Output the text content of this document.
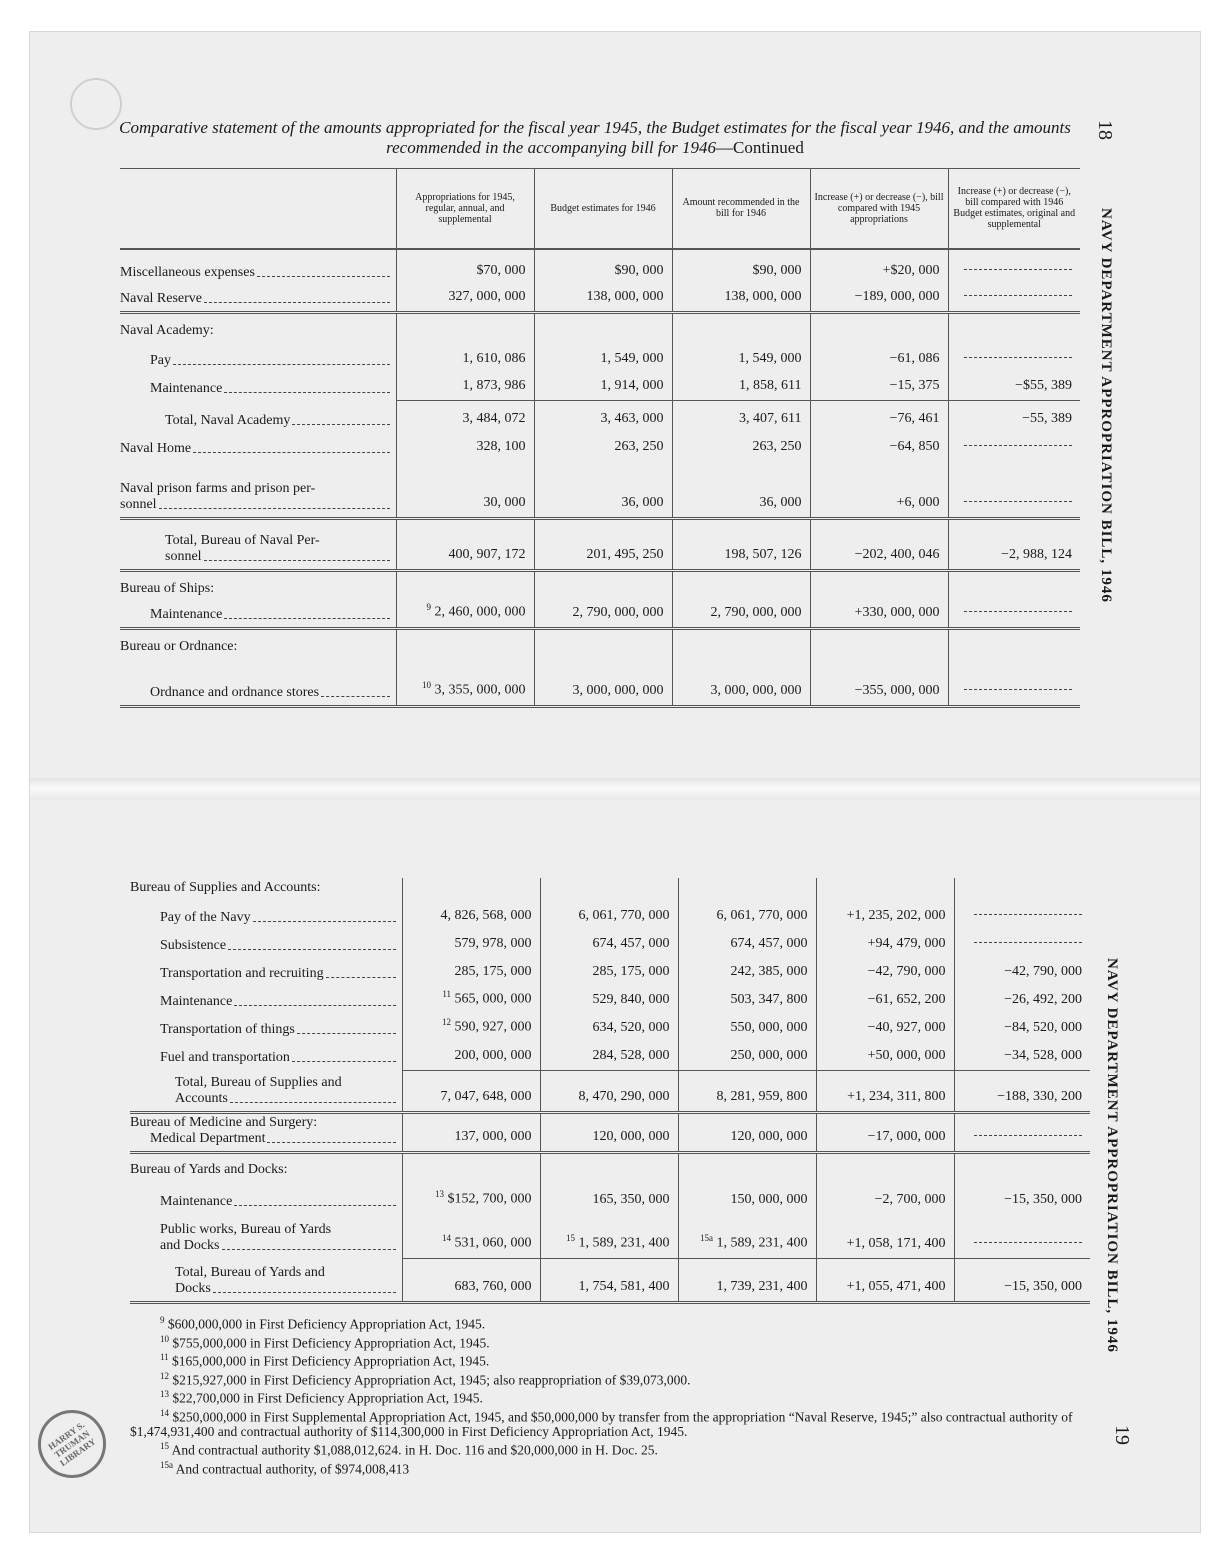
Comparative statement of the amounts appropriated for the fiscal year 1945, the Budget estimates for the fiscal year 1946, and the amounts recommended in the accompanying bill for 1946—Continued
18
19
NAVY DEPARTMENT APPROPRIATION BILL, 1946
NAVY DEPARTMENT APPROPRIATION BILL, 1946
	Appropriations for 1945, regular, annual, and supplemental	Budget estimates for 1946	Amount recommended in the bill for 1946	Increase (+) or decrease (−), bill compared with 1945 appropriations	Increase (+) or decrease (−), bill compared with 1946 Budget estimates, original and supplemental

Miscellaneous expenses	$70, 000	$90, 000	$90, 000	+$20, 000	

Naval Reserve	327, 000, 000	138, 000, 000	138, 000, 000	−189, 000, 000	
Naval Academy:					

Pay	1, 610, 086	1, 549, 000	1, 549, 000	−61, 086	

Maintenance	1, 873, 986	1, 914, 000	1, 858, 611	−15, 375	−$55, 389

Total, Naval Academy	3, 484, 072	3, 463, 000	3, 407, 611	−76, 461	−55, 389

Naval Home	328, 100	263, 250	263, 250	−64, 850	

Naval prison farms and prison per-
sonnel	30, 000	36, 000	36, 000	+6, 000	

Total, Bureau of Naval Per-
sonnel	400, 907, 172	201, 495, 250	198, 507, 126	−202, 400, 046	−2, 988, 124
Bureau of Ships:					

Maintenance	$^9$ 2, 460, 000, 000	2, 790, 000, 000	2, 790, 000, 000	+330, 000, 000	
Bureau or Ordnance:					

Ordnance and ordnance stores	$^{10}$ 3, 355, 000, 000	3, 000, 000, 000	3, 000, 000, 000	−355, 000, 000	
Bureau of Supplies and Accounts:					

Pay of the Navy	4, 826, 568, 000	6, 061, 770, 000	6, 061, 770, 000	+1, 235, 202, 000	

Subsistence	579, 978, 000	674, 457, 000	674, 457, 000	+94, 479, 000	

Transportation and recruiting	285, 175, 000	285, 175, 000	242, 385, 000	−42, 790, 000	−42, 790, 000

Maintenance	$^{11}$ 565, 000, 000	529, 840, 000	503, 347, 800	−61, 652, 200	−26, 492, 200

Transportation of things	$^{12}$ 590, 927, 000	634, 520, 000	550, 000, 000	−40, 927, 000	−84, 520, 000

Fuel and transportation	200, 000, 000	284, 528, 000	250, 000, 000	+50, 000, 000	−34, 528, 000

Total, Bureau of Supplies and
Accounts	7, 047, 648, 000	8, 470, 290, 000	8, 281, 959, 800	+1, 234, 311, 800	−188, 330, 200

Bureau of Medicine and Surgery:
Medical Department	137, 000, 000	120, 000, 000	120, 000, 000	−17, 000, 000	
Bureau of Yards and Docks:					

Maintenance	$^{13}$ $152, 700, 000	165, 350, 000	150, 000, 000	−2, 700, 000	−15, 350, 000

Public works, Bureau of Yards
and Docks	$^{14}$ 531, 060, 000	$^{15}$ 1, 589, 231, 400	$^{15a}$ 1, 589, 231, 400	+1, 058, 171, 400	

Total, Bureau of Yards and
Docks	683, 760, 000	1, 754, 581, 400	1, 739, 231, 400	+1, 055, 471, 400	−15, 350, 000
$^9$ $600,000,000 in First Deficiency Appropriation Act, 1945.
$^{10}$ $755,000,000 in First Deficiency Appropriation Act, 1945.
$^{11}$ $165,000,000 in First Deficiency Appropriation Act, 1945.
$^{12}$ $215,927,000 in First Deficiency Appropriation Act, 1945; also reappropriation of $39,073,000.
$^{13}$ $22,700,000 in First Deficiency Appropriation Act, 1945.
$^{14}$ $250,000,000 in First Supplemental Appropriation Act, 1945, and $50,000,000 by transfer from the appropriation “Naval Reserve, 1945;” also contractual authority of $1,474,931,400 and contractual authority of $114,300,000 in First Deficiency Appropriation Act, 1945.
$^{15}$ And contractual authority $1,088,012,624. in H. Doc. 116 and $20,000,000 in H. Doc. 25.
$^{15a}$ And contractual authority, of $974,008,413
HARRY S. TRUMAN LIBRARY
